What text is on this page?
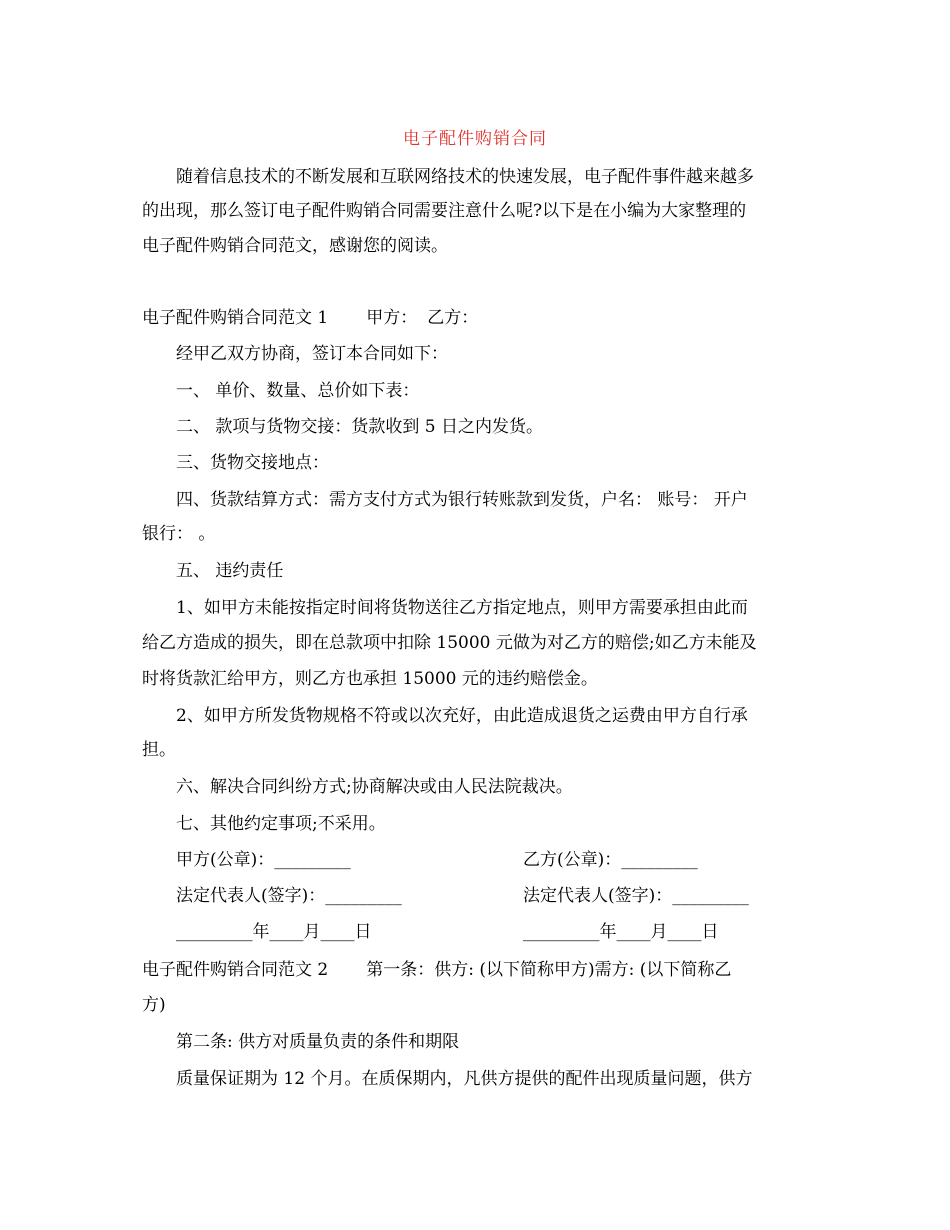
电子配件购销合同
随着信息技术的不断发展和互联网络技术的快速发展，电子配件事件越来越多
的出现，那么签订电子配件购销合同需要注意什么呢?以下是在小编为大家整理的
电子配件购销合同范文，感谢您的阅读。
电子配件购销合同范文 1 甲方： 乙方：
经甲乙双方协商，签订本合同如下：
一、 单价、数量、总价如下表：
二、 款项与货物交接：货款收到 5 日之内发货。
三、货物交接地点：
四、货款结算方式：需方支付方式为银行转账款到发货，户名： 账号： 开户
银行： 。
五、 违约责任
1、如甲方未能按指定时间将货物送往乙方指定地点，则甲方需要承担由此而
给乙方造成的损失，即在总款项中扣除 15000 元做为对乙方的赔偿;如乙方未能及
时将货款汇给甲方，则乙方也承担 15000 元的违约赔偿金。
2、如甲方所发货物规格不符或以次充好，由此造成退货之运费由甲方自行承
担。
六、解决合同纠纷方式;协商解决或由人民法院裁决。
七、其他约定事项;不采用。
甲方(公章)：_________	乙方(公章)：_________
法定代表人(签字)：_________	法定代表人(签字)：_________
_________年____月____日	_________年____月____日
电子配件购销合同范文 2 第一条：供方: (以下简称甲方)需方: (以下简称乙
方)
第二条: 供方对质量负责的条件和期限
质量保证期为 12 个月。在质保期内，凡供方提供的配件出现质量问题，供方
